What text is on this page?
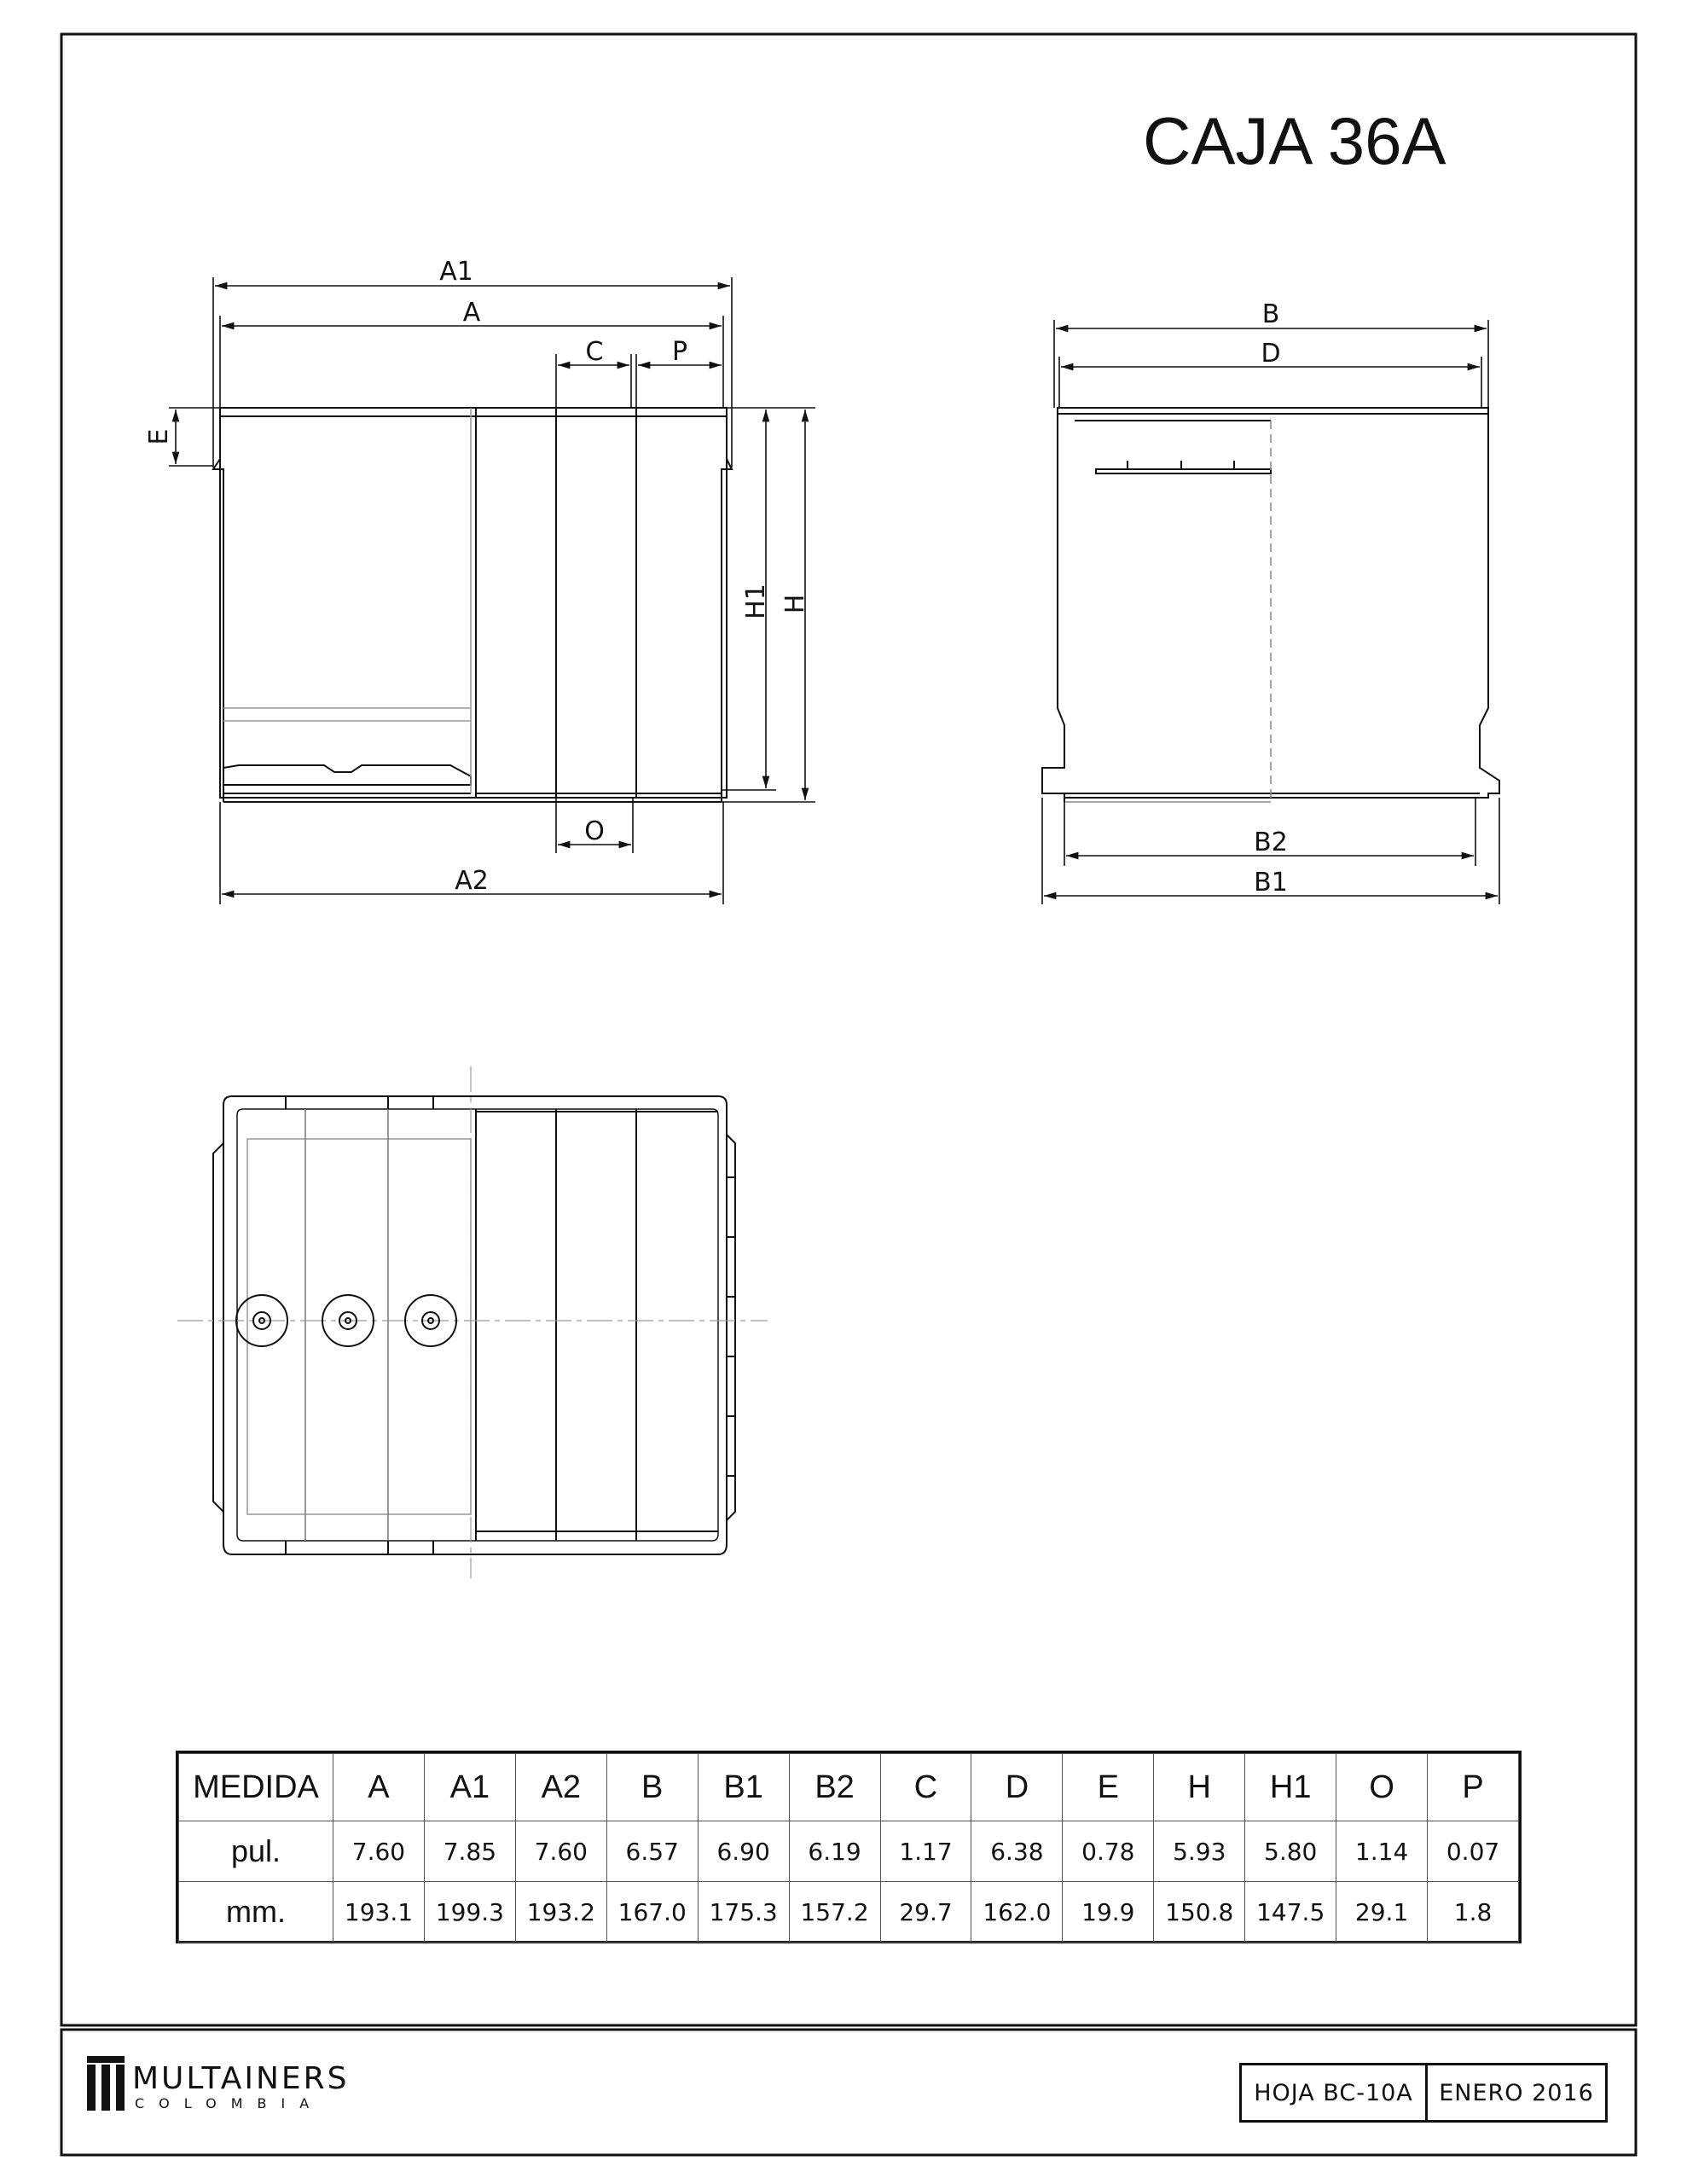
A1
A
C	P
E
H1 H
O
A2
B
D
B2
B1
CAJA 36A
MEDIDA	A	A1	A2	B	B1	B2	C	D	E	H	H1	O	P
pul.	7.60	7.85	7.60	6.57	6.90	6.19	1.17	6.38	0.78	5.93	5.80	1.14	0.07
mm.	193.1	199.3	193.2	167.0	175.3	157.2	29.7	162.0	19.9	150.8	147.5	29.1	1.8
MULTAINERS
COLOMBIA	HOJA BC-10A	ENERO 2016
